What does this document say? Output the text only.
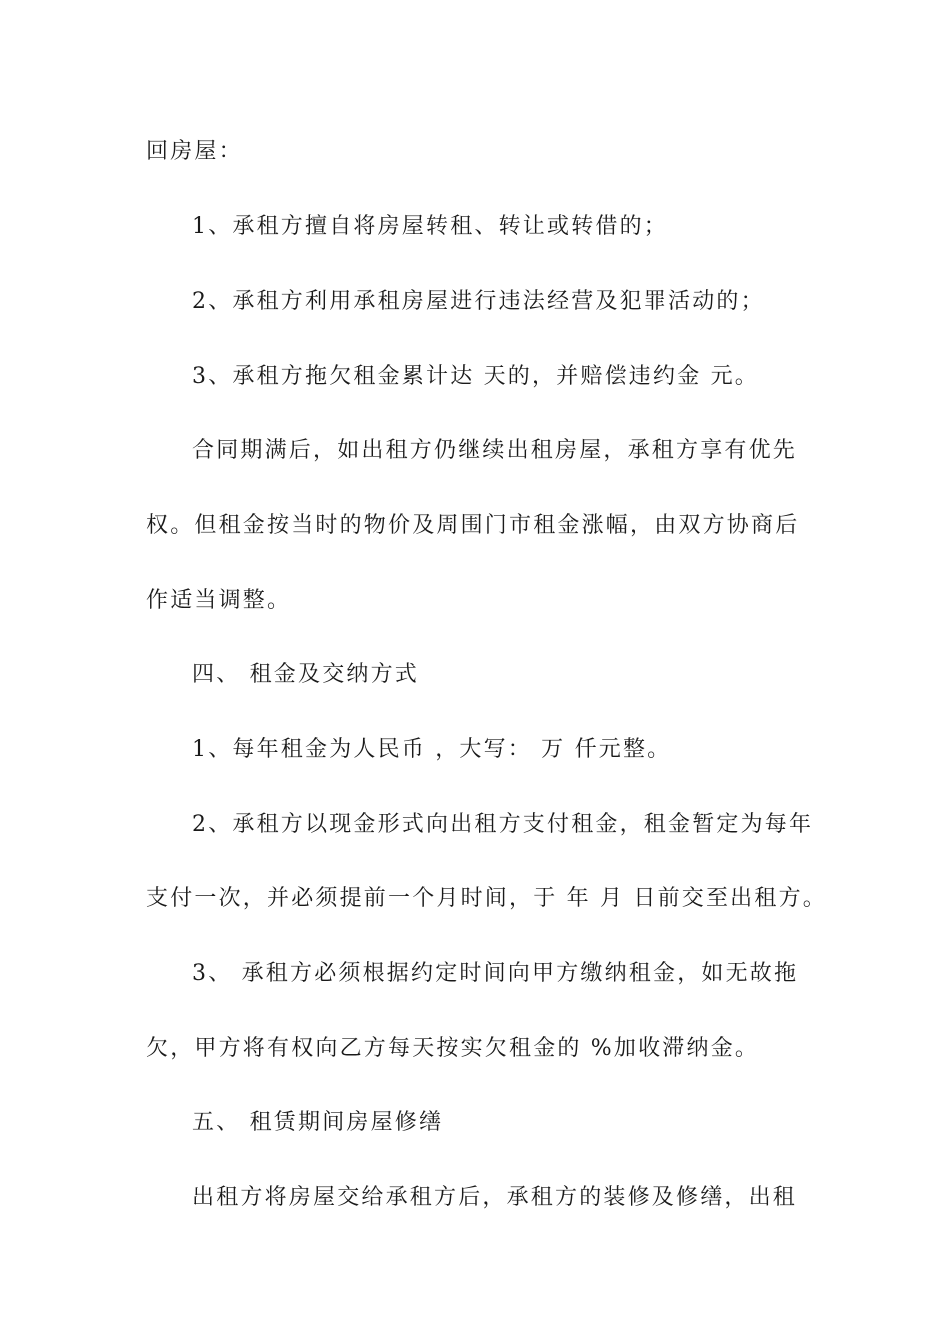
回房屋：
1、承租方擅自将房屋转租、转让或转借的；
2、承租方利用承租房屋进行违法经营及犯罪活动的；
3、承租方拖欠租金累计达 天的，并赔偿违约金 元。
合同期满后，如出租方仍继续出租房屋，承租方享有优先
权。但租金按当时的物价及周围门市租金涨幅，由双方协商后
作适当调整。
四、 租金及交纳方式
1、每年租金为人民币 ，大写： 万 仟元整。
2、承租方以现金形式向出租方支付租金，租金暂定为每年
支付一次，并必须提前一个月时间，于 年 月 日前交至出租方。
3、 承租方必须根据约定时间向甲方缴纳租金，如无故拖
欠，甲方将有权向乙方每天按实欠租金的 %加收滞纳金。
五、 租赁期间房屋修缮
出租方将房屋交给承租方后，承租方的装修及修缮，出租
